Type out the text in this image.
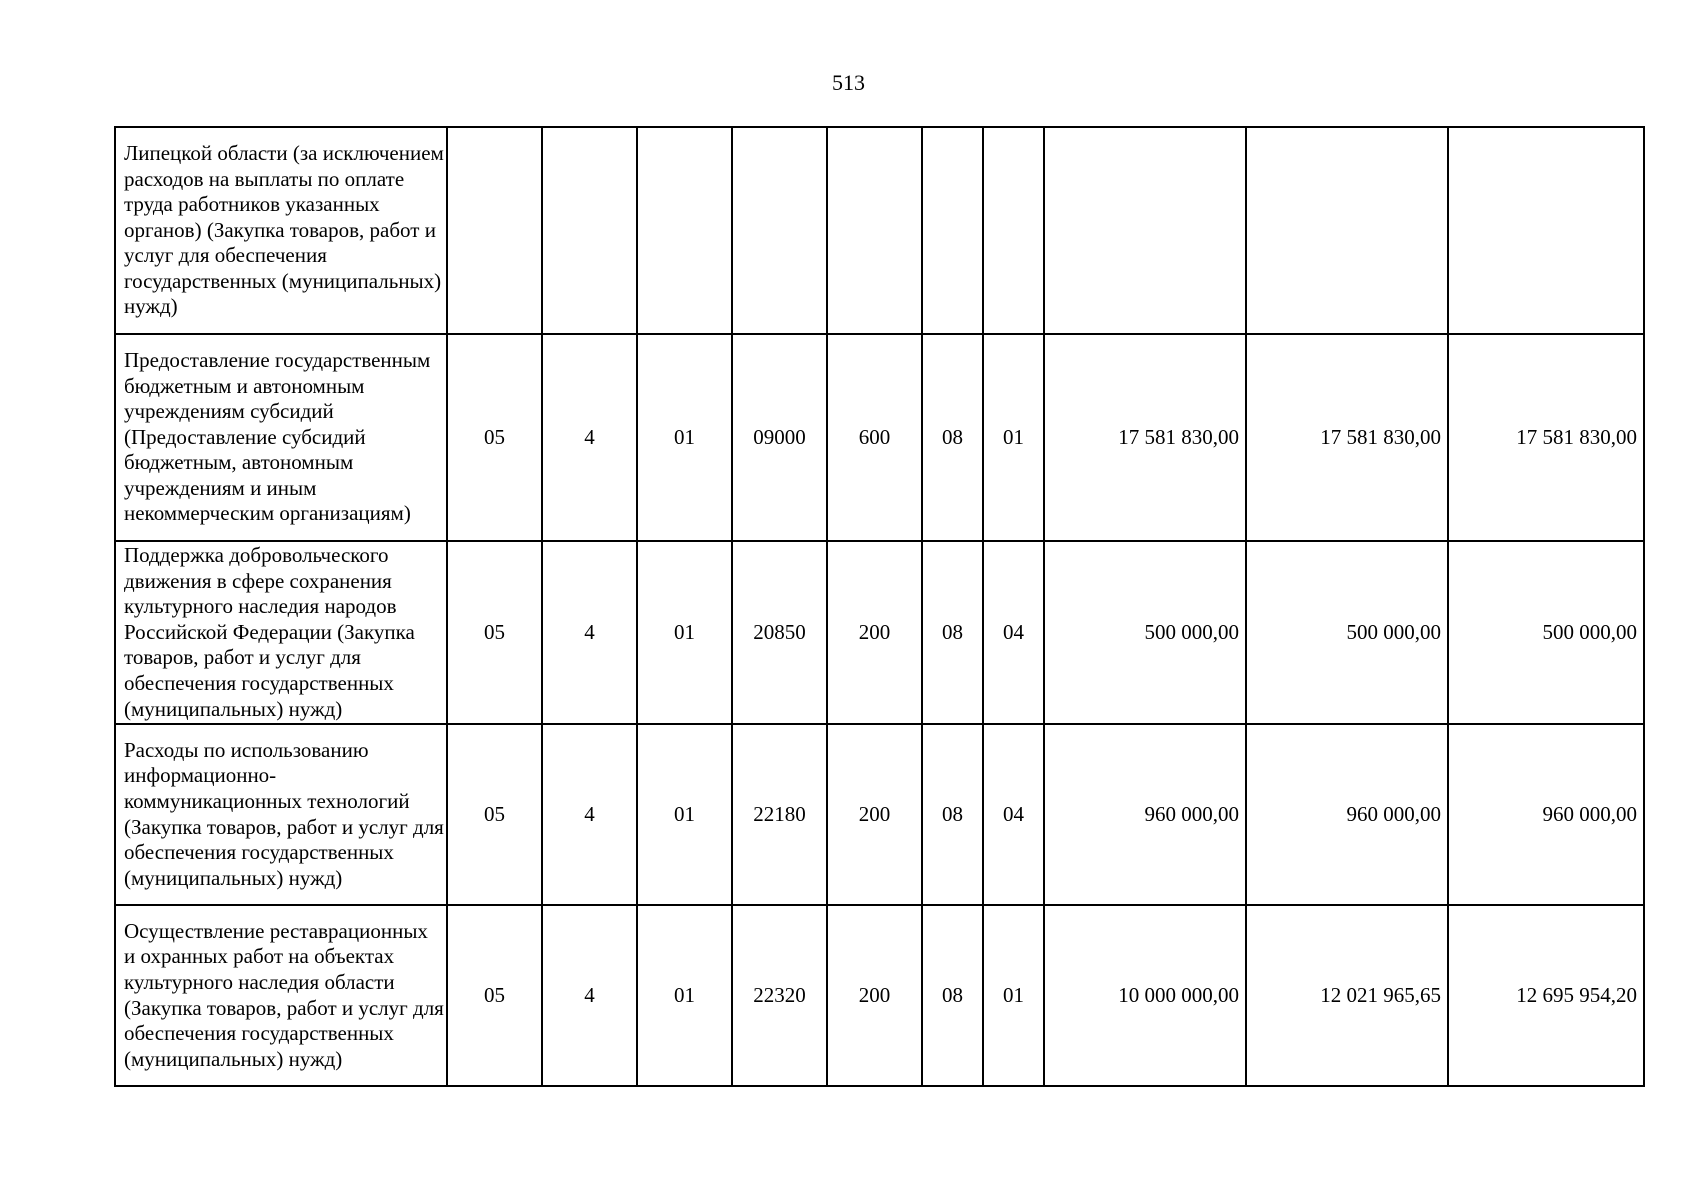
513
Липецкой области (за исключением расходов на выплаты по оплате труда работников указанных органов) (Закупка товаров, работ и услуг для обеспечения государственных (муниципальных) нужд)										

Предоставление государственным бюджетным и автономным учреждениям субсидий (Предоставление субсидий бюджетным, автономным учреждениям и иным некоммерческим организациям)	05	4	01	09000	600	08	01	17 581 830,00	17 581 830,00	17 581 830,00

Поддержка добровольческого движения в сфере сохранения культурного наследия народов Российской Федерации (Закупка товаров, работ и услуг для обеспечения государственных (муниципальных) нужд)	05	4	01	20850	200	08	04	500 000,00	500 000,00	500 000,00

Расходы по использованию информационно-коммуникационных технологий (Закупка товаров, работ и услуг для обеспечения государственных (муниципальных) нужд)	05	4	01	22180	200	08	04	960 000,00	960 000,00	960 000,00

Осуществление реставрационных и охранных работ на объектах культурного наследия области (Закупка товаров, работ и услуг для обеспечения государственных (муниципальных) нужд)	05	4	01	22320	200	08	01	10 000 000,00	12 021 965,65	12 695 954,20
